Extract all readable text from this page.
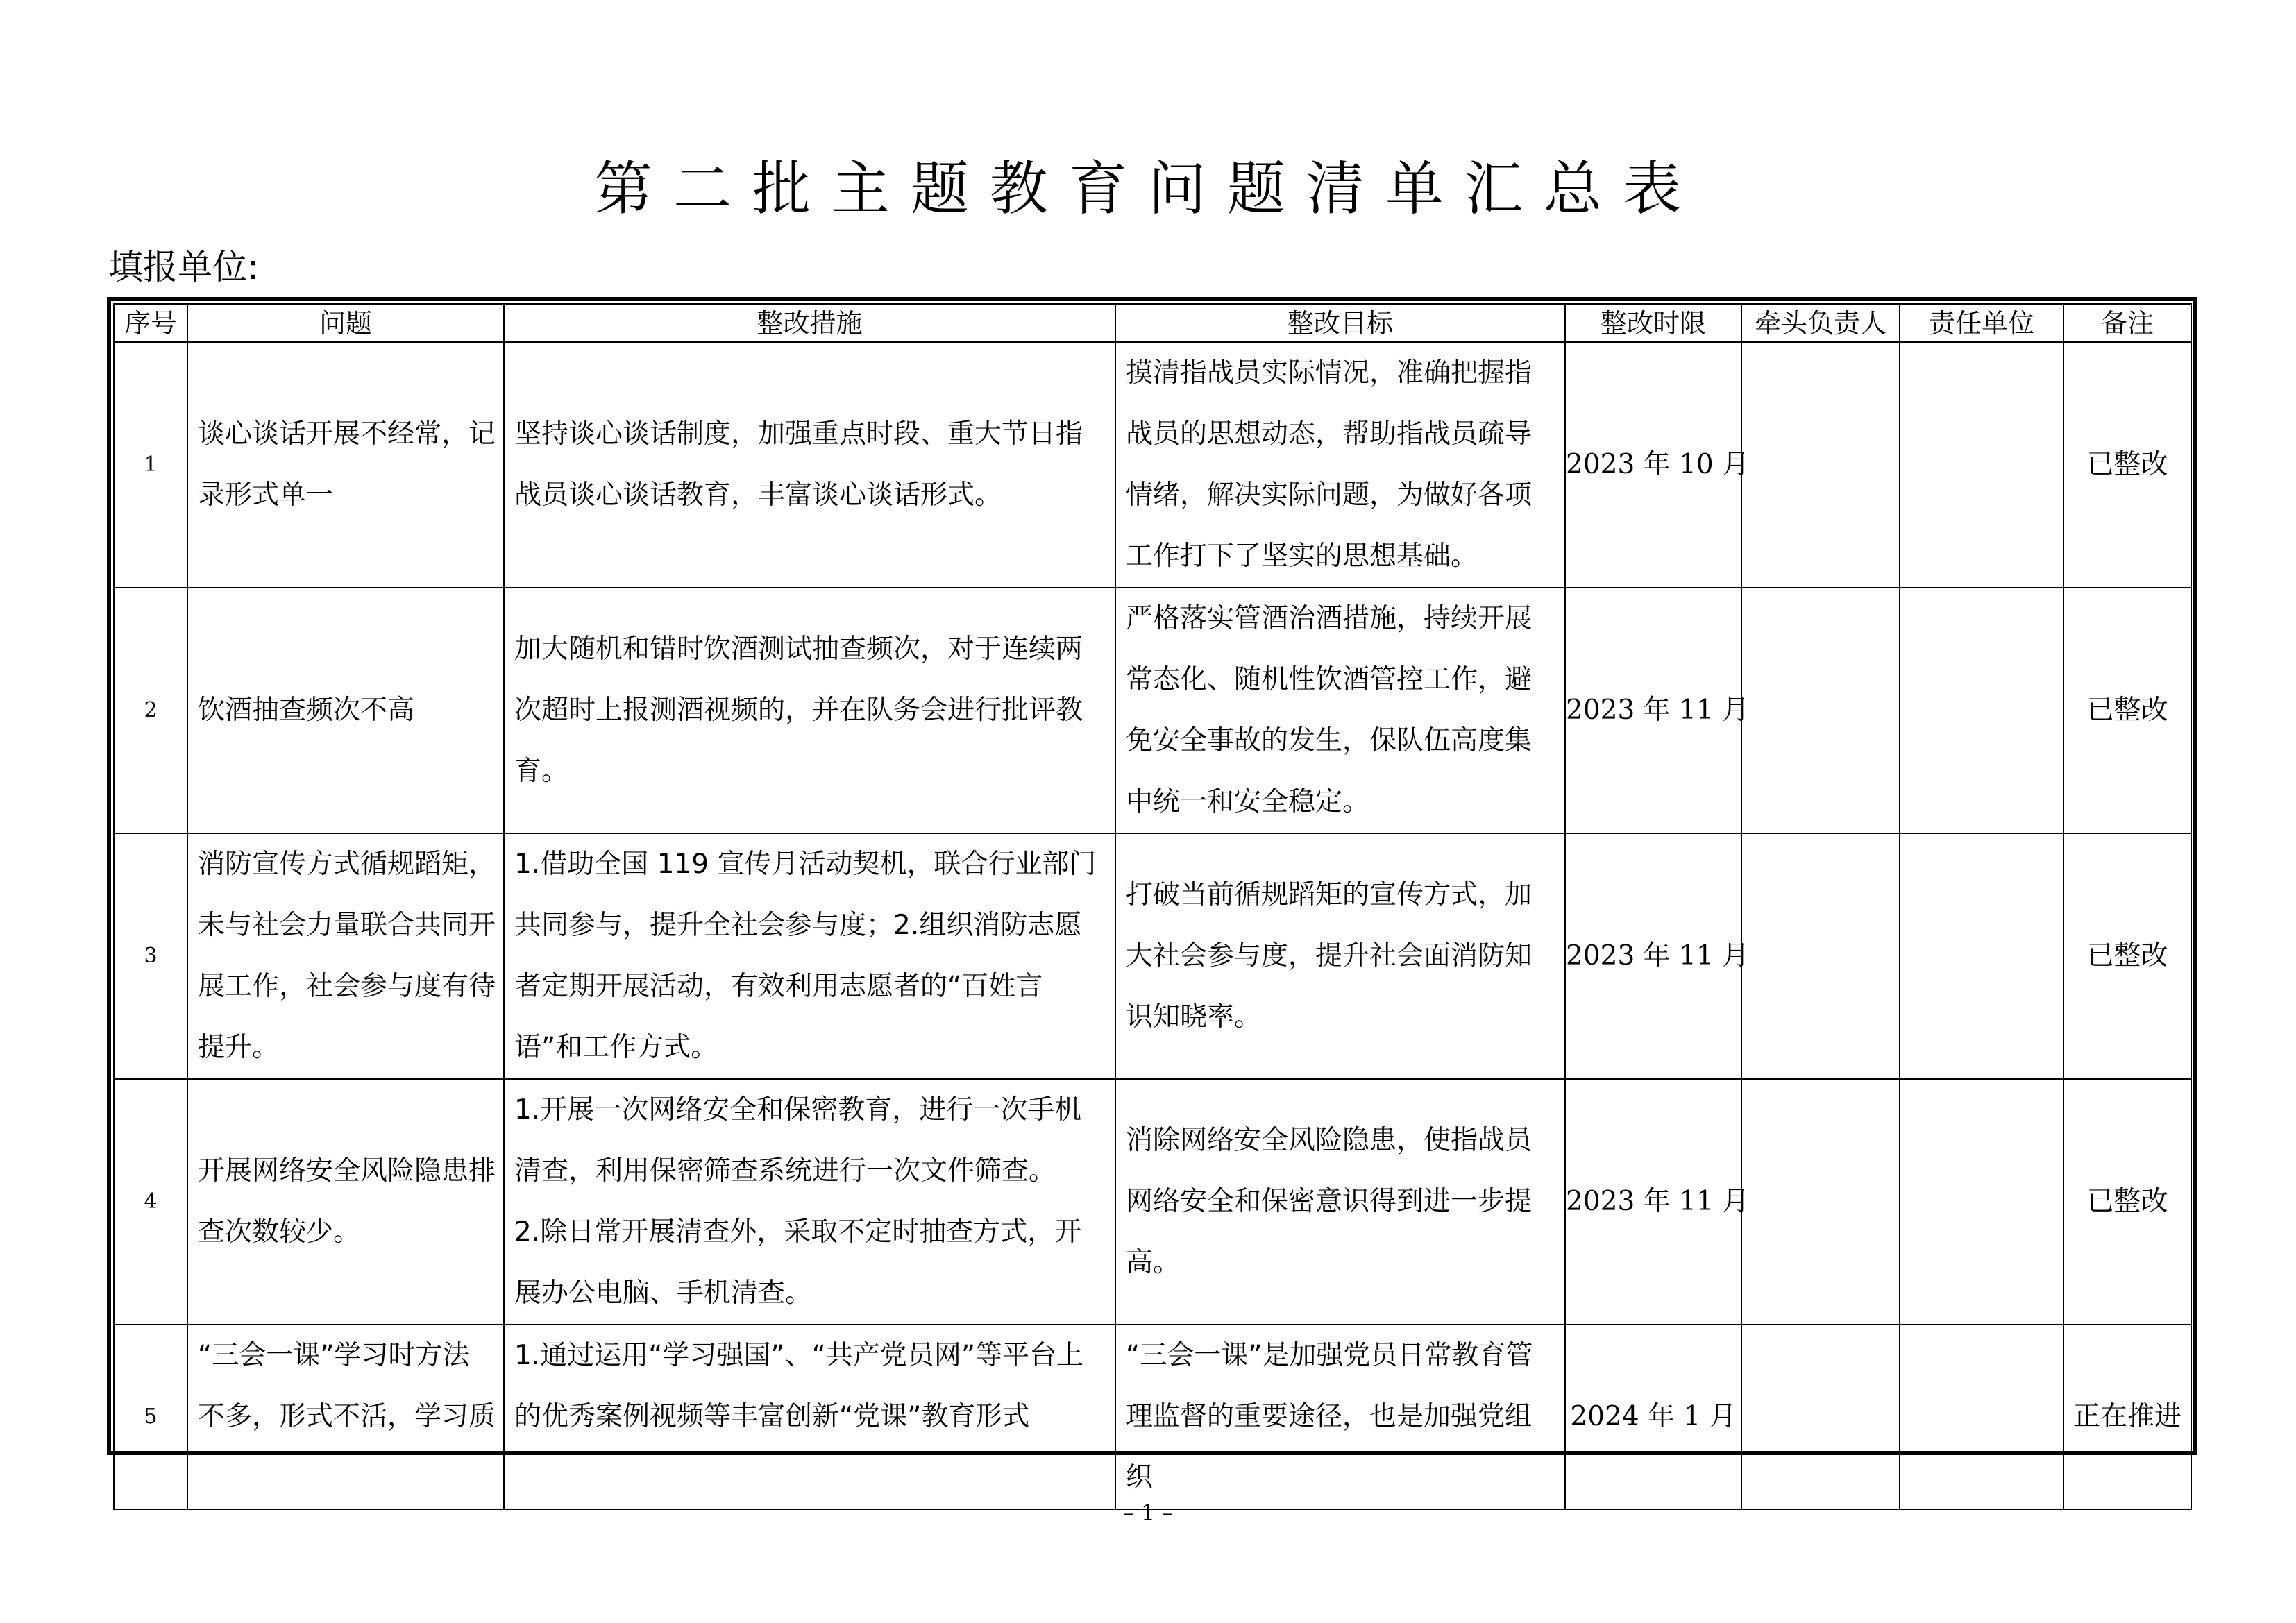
第二批主题教育问题清单汇总表
填报单位:
序号	问题	整改措施	整改目标	整改时限	牵头负责人	责任单位	备注
1	谈心谈话开展不经常，记录形式单一	坚持谈心谈话制度，加强重点时段、重大节日指战员谈心谈话教育，丰富谈心谈话形式。	摸清指战员实际情况，准确把握指战员的思想动态，帮助指战员疏导情绪，解决实际问题，为做好各项工作打下了坚实的思想基础。	2023 年 10 月			已整改
2	饮酒抽查频次不高	加大随机和错时饮酒测试抽查频次，对于连续两次超时上报测酒视频的，并在队务会进行批评教育。	严格落实管酒治酒措施，持续开展常态化、随机性饮酒管控工作，避免安全事故的发生，保队伍高度集中统一和安全稳定。	2023 年 11 月			已整改
3	消防宣传方式循规蹈矩，未与社会力量联合共同开展工作，社会参与度有待提升。	1.借助全国 119 宣传月活动契机，联合行业部门共同参与，提升全社会参与度；2.组织消防志愿者定期开展活动，有效利用志愿者的“百姓言语”和工作方式。	打破当前循规蹈矩的宣传方式，加大社会参与度，提升社会面消防知识知晓率。	2023 年 11 月			已整改
4	开展网络安全风险隐患排查次数较少。	1.开展一次网络安全和保密教育，进行一次手机清查，利用保密筛查系统进行一次文件筛查。
2.除日常开展清查外，采取不定时抽查方式，开展办公电脑、手机清查。	消除网络安全风险隐患，使指战员网络安全和保密意识得到进一步提高。	2023 年 11 月			已整改
5	“三会一课”学习时方法不多，形式不活，学习质	1.通过运用“学习强国”、“共产党员网”等平台上的优秀案例视频等丰富创新“党课”教育形式	“三会一课”是加强党员日常教育管理监督的重要途径，也是加强党组织	2024 年 1 月			正在推进
– 1 –
